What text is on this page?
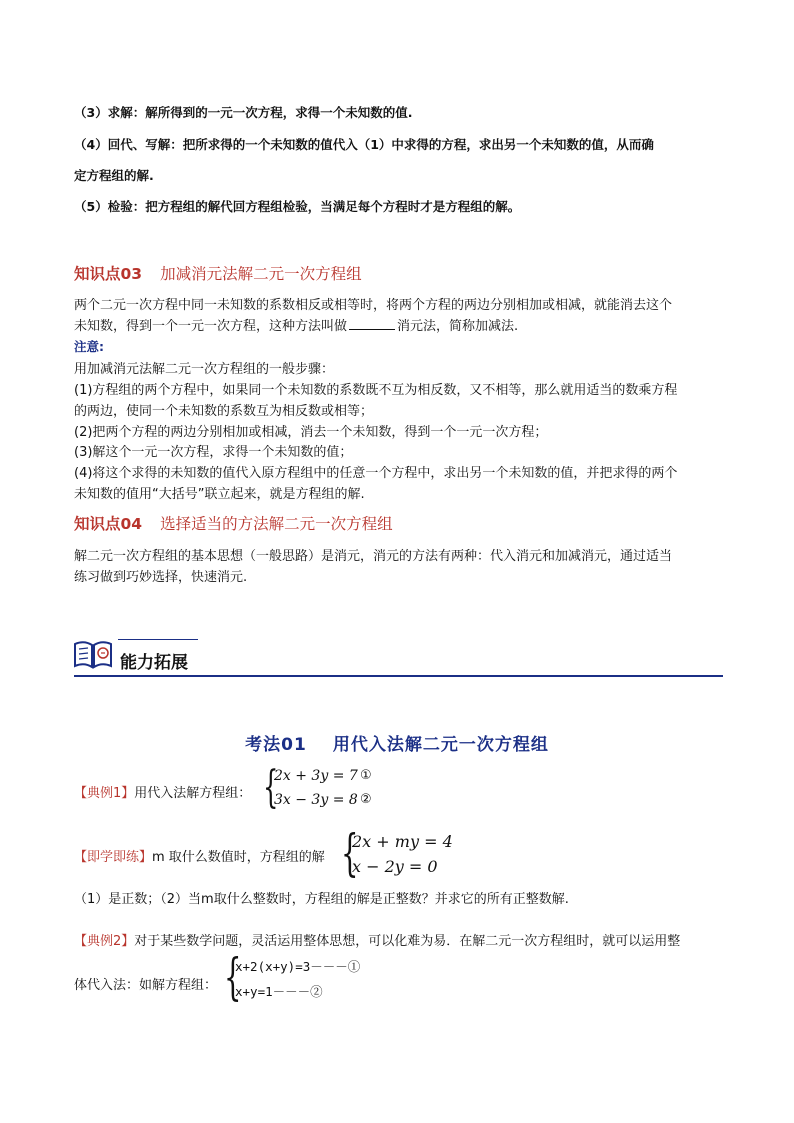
（3）求解：解所得到的一元一次方程，求得一个未知数的值.
（4）回代、写解：把所求得的一个未知数的值代入（1）中求得的方程，求出另一个未知数的值，从而确
定方程组的解.
（5）检验：把方程组的解代回方程组检验，当满足每个方程时才是方程组的解。
知识点03 加减消元法解二元一次方程组
两个二元一次方程中同一未知数的系数相反或相等时，将两个方程的两边分别相加或相减，就能消去这个
未知数，得到一个一元一次方程，这种方法叫做	消元法，简称加减法.
注意:
用加减消元法解二元一次方程组的一般步骤：
(1)方程组的两个方程中，如果同一个未知数的系数既不互为相反数，又不相等，那么就用适当的数乘方程
的两边，使同一个未知数的系数互为相反数或相等；
(2)把两个方程的两边分别相加或相减，消去一个未知数，得到一个一元一次方程；
(3)解这个一元一次方程，求得一个未知数的值；
(4)将这个求得的未知数的值代入原方程组中的任意一个方程中，求出另一个未知数的值，并把求得的两个
未知数的值用“大括号”联立起来，就是方程组的解.
知识点04 选择适当的方法解二元一次方程组
解二元一次方程组的基本思想（一般思路）是消元，消元的方法有两种：代入消元和加减消元，通过适当
练习做到巧妙选择，快速消元.
能力拓展
考法01 用代入法解二元一次方程组
【典例1】用代入法解方程组： {
2x + 3y = 7
3x − 3y = 8
①
②
【即学即练】m 取什么数值时，方程组的解 {
2x + my = 4
x − 2y = 0
（1）是正数；（2）当m取什么整数时，方程组的解是正整数？并求它的所有正整数解.
【典例2】对于某些数学问题，灵活运用整体思想，可以化难为易．在解二元一次方程组时，就可以运用整
体代入法：如解方程组： {
x+2(x+y)=3－－－①
x+y=1－－－②
